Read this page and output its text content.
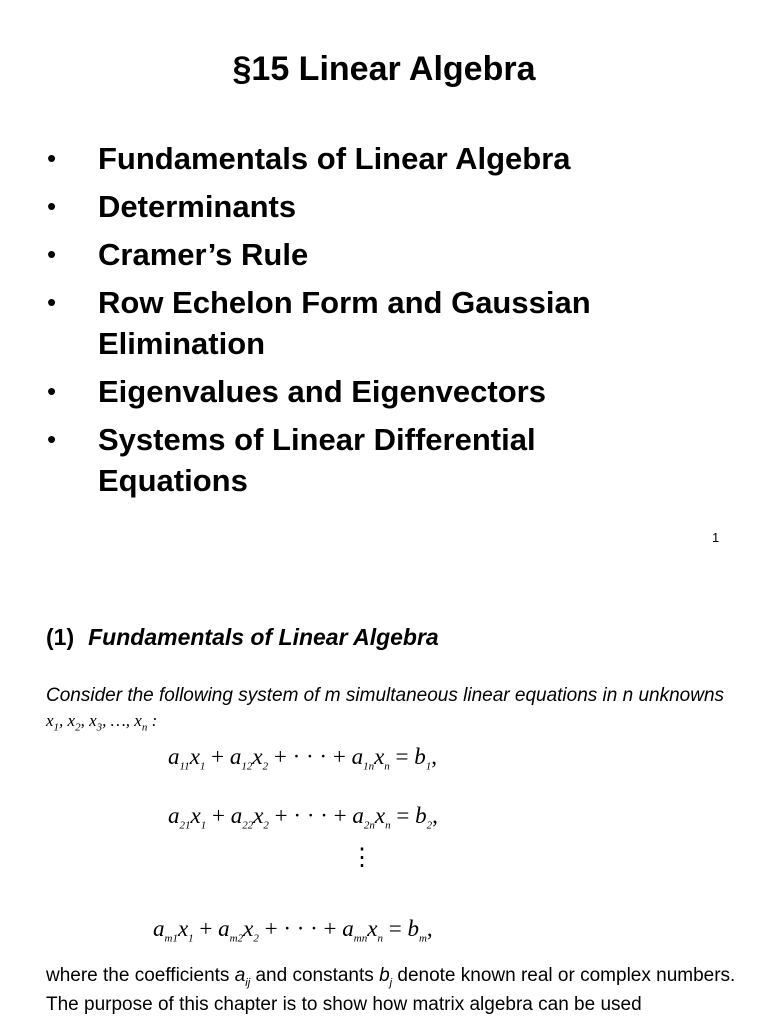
§15 Linear Algebra
• Fundamentals of Linear Algebra
• Determinants
• Cramer’s Rule
• Row Echelon Form and Gaussian Elimination
• Eigenvalues and Eigenvectors
• Systems of Linear Differential Equations
1
(1) Fundamentals of Linear Algebra
Consider the following system of m simultaneous linear equations in n unknowns $x_1$, $x_2$, $x_3$, …, $x_n$ :
$a_{11}x_1 + a_{12}x_2$ + · · · + $a_{1n}x_n = b_1$,
$a_{21}x_1 + a_{22}x_2$ + · · · + $a_{2n}x_n = b_2$,
⋮
$a_{m1}x_1 + a_{m2}x_2$ + · · · + $a_{mn}x_n = b_m$,
where the coefficients $a_{ij}$ and constants $b_j$ denote known real or complex numbers.
The purpose of this chapter is to show how matrix algebra can be used
